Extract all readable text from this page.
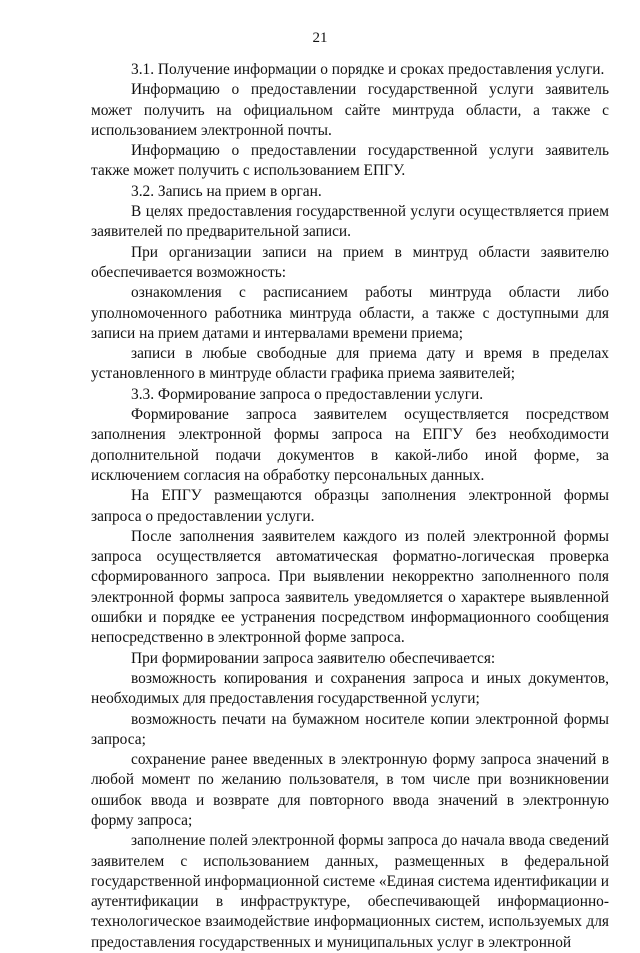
21

3.1. Получение информации о порядке и сроках предоставления услуги.

Информацию о предоставлении государственной услуги заявитель может получить на официальном сайте минтруда области, а также с использованием электронной почты.

Информацию о предоставлении государственной услуги заявитель также может получить с использованием ЕПГУ.

3.2. Запись на прием в орган.

В целях предоставления государственной услуги осуществляется прием заявителей по предварительной записи.

При организации записи на прием в минтруд области заявителю обеспечивается возможность:

ознакомления с расписанием работы минтруда области либо уполномоченного работника минтруда области, а также с доступными для записи на прием датами и интервалами времени приема;

записи в любые свободные для приема дату и время в пределах установленного в минтруде области графика приема заявителей;

3.3. Формирование запроса о предоставлении услуги.

Формирование запроса заявителем осуществляется посредством заполнения электронной формы запроса на ЕПГУ без необходимости дополнительной подачи документов в какой-либо иной форме, за исключением согласия на обработку персональных данных.

На ЕПГУ размещаются образцы заполнения электронной формы запроса о предоставлении услуги.

После заполнения заявителем каждого из полей электронной формы запроса осуществляется автоматическая форматно-логическая проверка сформированного запроса. При выявлении некорректно заполненного поля электронной формы запроса заявитель уведомляется о характере выявленной ошибки и порядке ее устранения посредством информационного сообщения непосредственно в электронной форме запроса.

При формировании запроса заявителю обеспечивается:

возможность копирования и сохранения запроса и иных документов, необходимых для предоставления государственной услуги;

возможность печати на бумажном носителе копии электронной формы запроса;

сохранение ранее введенных в электронную форму запроса значений в любой момент по желанию пользователя, в том числе при возникновении ошибок ввода и возврате для повторного ввода значений в электронную форму запроса;

заполнение полей электронной формы запроса до начала ввода сведений заявителем с использованием данных, размещенных в федеральной государственной информационной системе «Единая система идентификации и аутентификации в инфраструктуре, обеспечивающей информационно-технологическое взаимодействие информационных систем, используемых для предоставления государственных и муниципальных услуг в электронной
